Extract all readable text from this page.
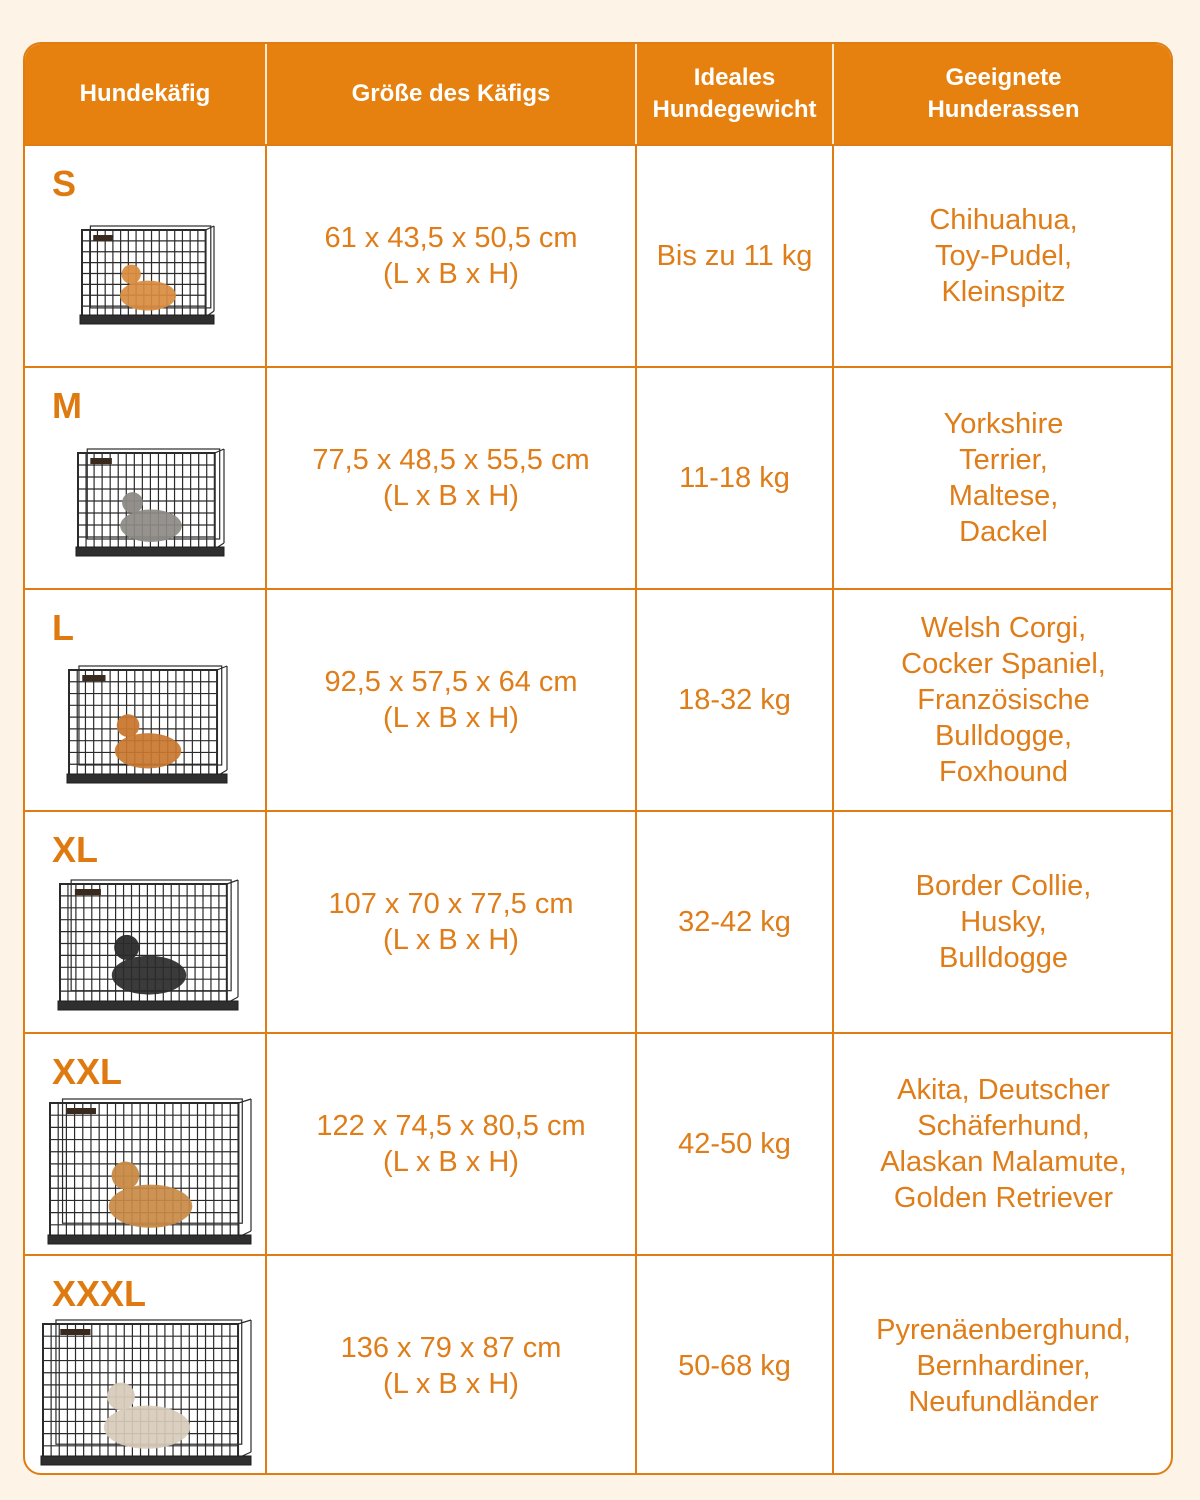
Hundekäfig	Größe des Käfigs
Ideales
Hundegewicht
Geeignete
Hunderassen
S
61 x 43,5 x 50,5 cm
(L x B x H)
Bis zu 11 kg
Chihuahua,
Toy-Pudel,
Kleinspitz
M
77,5 x 48,5 x 55,5 cm
(L x B x H)
11-18 kg
Yorkshire
Terrier,
Maltese,
Dackel
L
92,5 x 57,5 x 64 cm
(L x B x H)
18-32 kg
Welsh Corgi,
Cocker Spaniel,
Französische
Bulldogge,
Foxhound
XL
107 x 70 x 77,5 cm
(L x B x H)
32-42 kg
Border Collie,
Husky,
Bulldogge
XXL
122 x 74,5 x 80,5 cm
(L x B x H)
42-50 kg
Akita, Deutscher
Schäferhund,
Alaskan Malamute,
Golden Retriever
XXXL
136 x 79 x 87 cm
(L x B x H)
50-68 kg
Pyrenäenberghund,
Bernhardiner,
Neufundländer
